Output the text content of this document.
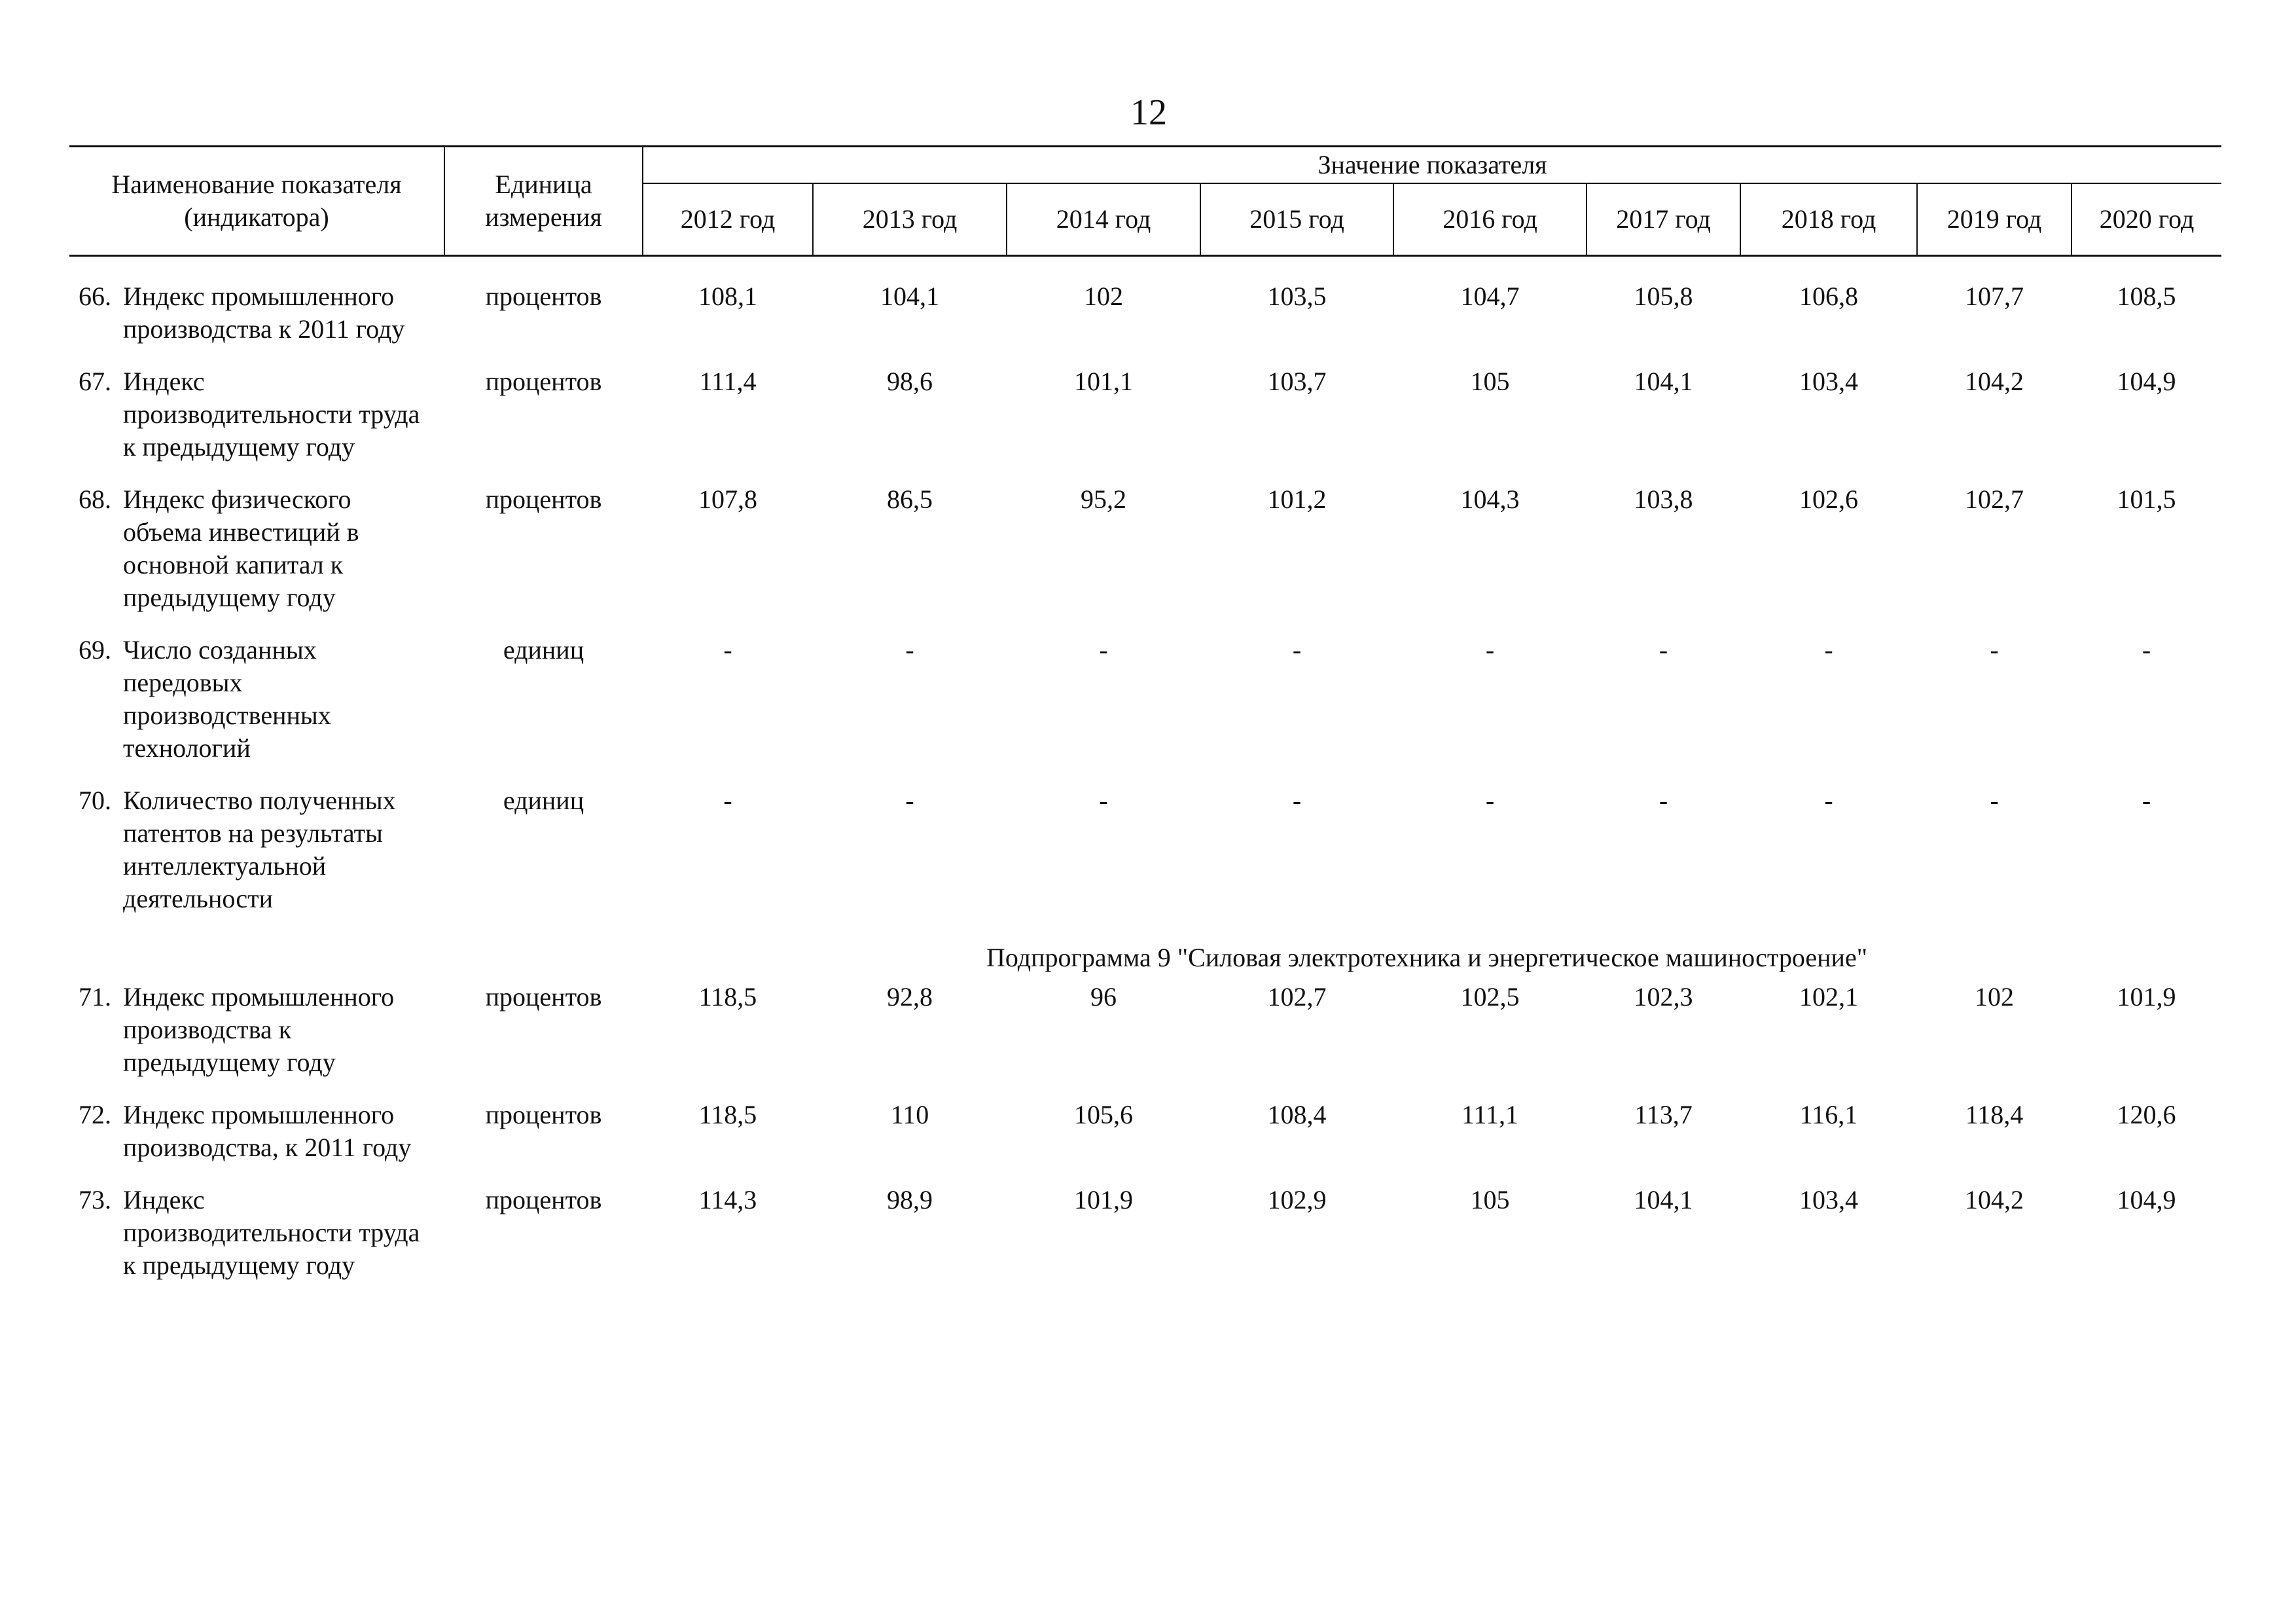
12
Наименование показателя (индикатора)	Единица измерения	Значение показателя								
		2012 год	2013 год	2014 год	2015 год	2016 год	2017 год	2018 год	2019 год	2020 год

66. Индекс промышленного производства к 2011 году	процентов	108,1	104,1	102	103,5	104,7	105,8	106,8	107,7	108,5
67. Индекс производительности труда к предыдущему году	процентов	111,4	98,6	101,1	103,7	105	104,1	103,4	104,2	104,9
68. Индекс физического объема инвестиций в основной капитал к предыдущему году	процентов	107,8	86,5	95,2	101,2	104,3	103,8	102,6	102,7	101,5
69. Число созданных передовых производственных технологий	единиц	-	-	-	-	-	-	-	-	-
70. Количество полученных патентов на результаты интеллектуальной деятельности	единиц	-	-	-	-	-	-	-	-	-
Подпрограмма 9 "Силовая электротехника и энергетическое машиностроение"										
71. Индекс промышленного производства к предыдущему году	процентов	118,5	92,8	96	102,7	102,5	102,3	102,1	102	101,9
72. Индекс промышленного производства, к 2011 году	процентов	118,5	110	105,6	108,4	111,1	113,7	116,1	118,4	120,6
73. Индекс производительности труда к предыдущему году	процентов	114,3	98,9	101,9	102,9	105	104,1	103,4	104,2	104,9
